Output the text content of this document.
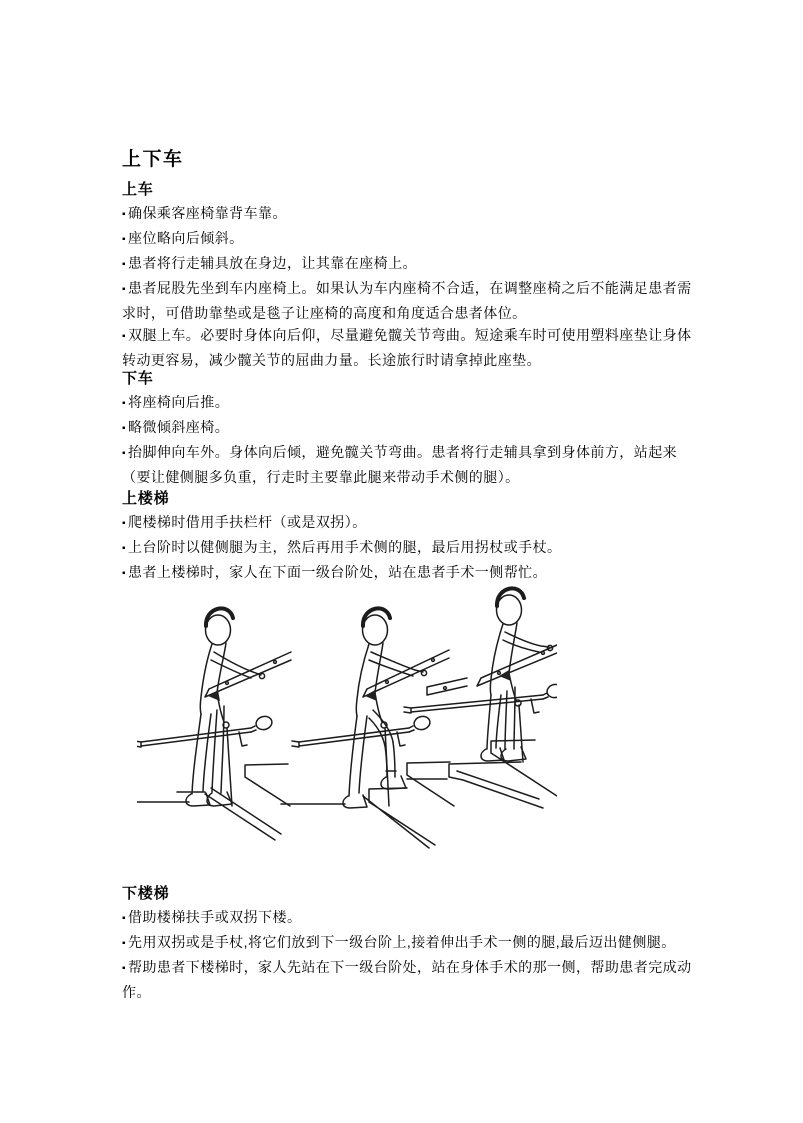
上下车
上车

▪ 确保乘客座椅靠背车靠。

▪ 座位略向后倾斜。

▪ 患者将行走辅具放在身边，让其靠在座椅上。

▪ 患者屁股先坐到车内座椅上。如果认为车内座椅不合适，在调整座椅之后不能满足患者需求时，可借助靠垫或是毯子让座椅的高度和角度适合患者体位。

▪ 双腿上车。必要时身体向后仰，尽量避免髋关节弯曲。短途乘车时可使用塑料座垫让身体转动更容易，减少髋关节的屈曲力量。长途旅行时请拿掉此座垫。

下车

▪ 将座椅向后推。

▪ 略微倾斜座椅。

▪ 抬脚伸向车外。身体向后倾，避免髋关节弯曲。患者将行走辅具拿到身体前方，站起来（要让健侧腿多负重，行走时主要靠此腿来带动手术侧的腿）。

上楼梯

▪ 爬楼梯时借用手扶栏杆（或是双拐）。

▪ 上台阶时以健侧腿为主，然后再用手术侧的腿，最后用拐杖或手杖。

▪ 患者上楼梯时，家人在下面一级台阶处，站在患者手术一侧帮忙。

下楼梯

▪ 借助楼梯扶手或双拐下楼。

▪ 先用双拐或是手杖,将它们放到下一级台阶上,接着伸出手术一侧的腿,最后迈出健侧腿。

▪ 帮助患者下楼梯时，家人先站在下一级台阶处，站在身体手术的那一侧，帮助患者完成动作。
